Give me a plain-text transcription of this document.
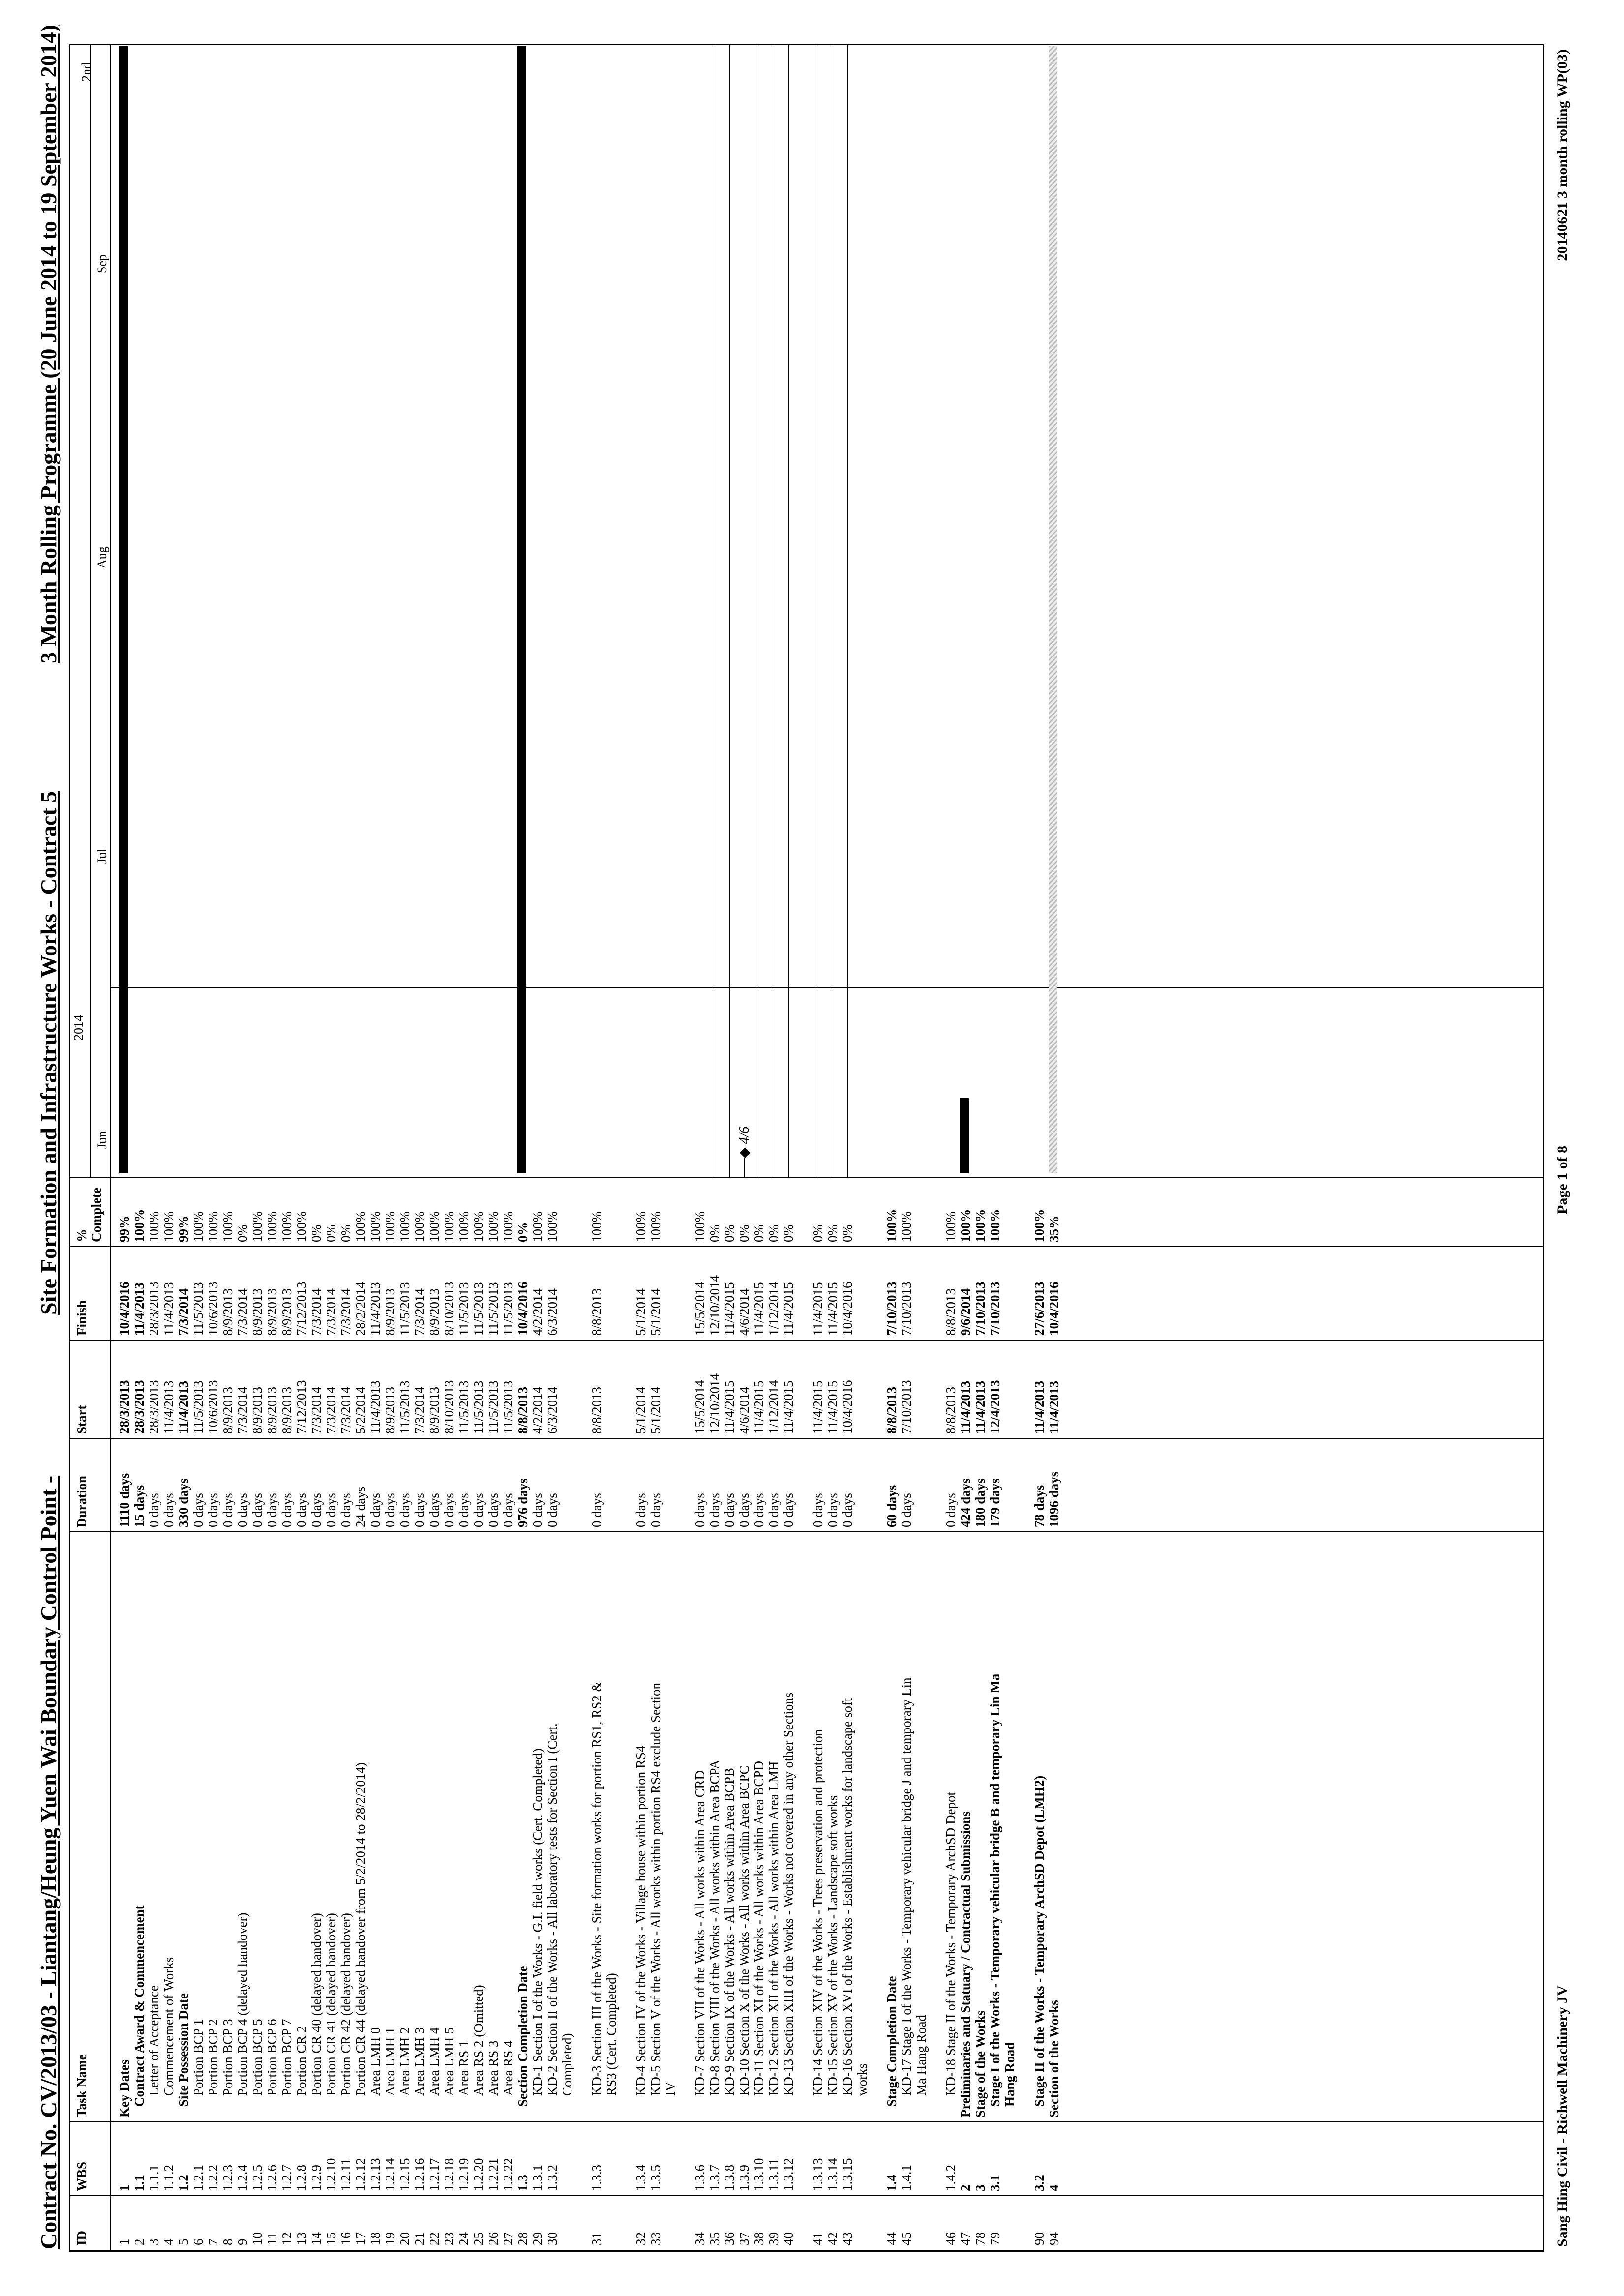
Contract No. CV/2013/03 - Liantang/Heung Yuen Wai Boundary Control Point -
Site Formation and Infrastructure Works - Contract 5
3 Month Rolling Programme (20 June 2014 to 19 September 2014)
ID
WBS
Task Name
Duration
Start
Finish
% Complete
2014
Jun
Jul
Aug
Sep
2nd
1
1
Key Dates
1110 days
28/3/2013
10/4/2016
99%
2
1.1
Contract Award & Commencement
15 days
28/3/2013
11/4/2013
100%
3
1.1.1
Letter of Acceptance
0 days
28/3/2013
28/3/2013
100%
4
1.1.2
Commencement of Works
0 days
11/4/2013
11/4/2013
100%
5
1.2
Site Possession Date
330 days
11/4/2013
7/3/2014
99%
6
1.2.1
Portion BCP 1
0 days
11/5/2013
11/5/2013
100%
7
1.2.2
Portion BCP 2
0 days
10/6/2013
10/6/2013
100%
8
1.2.3
Portion BCP 3
0 days
8/9/2013
8/9/2013
100%
9
1.2.4
Portion BCP 4 (delayed handover)
0 days
7/3/2014
7/3/2014
0%
10
1.2.5
Portion BCP 5
0 days
8/9/2013
8/9/2013
100%
11
1.2.6
Portion BCP 6
0 days
8/9/2013
8/9/2013
100%
12
1.2.7
Portion BCP 7
0 days
8/9/2013
8/9/2013
100%
13
1.2.8
Portion CR 2
0 days
7/12/2013
7/12/2013
100%
14
1.2.9
Portion CR 40 (delayed handover)
0 days
7/3/2014
7/3/2014
0%
15
1.2.10
Portion CR 41 (delayed handover)
0 days
7/3/2014
7/3/2014
0%
16
1.2.11
Portion CR 42 (delayed handover)
0 days
7/3/2014
7/3/2014
0%
17
1.2.12
Portion CR 44 (delayed handover from 5/2/2014 to 28/2/2014)
24 days
5/2/2014
28/2/2014
100%
18
1.2.13
Area LMH 0
0 days
11/4/2013
11/4/2013
100%
19
1.2.14
Area LMH 1
0 days
8/9/2013
8/9/2013
100%
20
1.2.15
Area LMH 2
0 days
11/5/2013
11/5/2013
100%
21
1.2.16
Area LMH 3
0 days
7/3/2014
7/3/2014
100%
22
1.2.17
Area LMH 4
0 days
8/9/2013
8/9/2013
100%
23
1.2.18
Area LMH 5
0 days
8/10/2013
8/10/2013
100%
24
1.2.19
Area RS 1
0 days
11/5/2013
11/5/2013
100%
25
1.2.20
Area RS 2 (Omitted)
0 days
11/5/2013
11/5/2013
100%
26
1.2.21
Area RS 3
0 days
11/5/2013
11/5/2013
100%
27
1.2.22
Area RS 4
0 days
11/5/2013
11/5/2013
100%
28
1.3
Section Completion Date
976 days
8/8/2013
10/4/2016
0%
29
1.3.1
KD-1 Section I of the Works - G.I. field works (Cert. Completed)
0 days
4/2/2014
4/2/2014
100%
30
1.3.2
KD-2 Section II of the Works - All laboratory tests for Section I (Cert. Completed)
0 days
6/3/2014
6/3/2014
100%
31
1.3.3
KD-3 Section III of the Works - Site formation works for portion RS1, RS2 & RS3 (Cert. Completed)
0 days
8/8/2013
8/8/2013
100%
32
1.3.4
KD-4 Section IV of the Works - Village house within portion RS4
0 days
5/1/2014
5/1/2014
100%
33
1.3.5
KD-5 Section V of the Works - All works within portion RS4 exclude Section IV
0 days
5/1/2014
5/1/2014
100%
34
1.3.6
KD-7 Section VII of the Works - All works within Area CRD
0 days
15/5/2014
15/5/2014
100%
35
1.3.7
KD-8 Section VIII of the Works - All works within Area BCPA
0 days
12/10/2014
12/10/2014
0%
36
1.3.8
KD-9 Section IX of the Works - All works within Area BCPB
0 days
11/4/2015
11/4/2015
0%
37
1.3.9
KD-10 Section X of the Works - All works within Area BCPC
0 days
4/6/2014
4/6/2014
0%
38
1.3.10
KD-11 Section XI of the Works - All works within Area BCPD
0 days
11/4/2015
11/4/2015
0%
39
1.3.11
KD-12 Section XII of the Works - All works within Area LMH
0 days
1/12/2014
1/12/2014
0%
40
1.3.12
KD-13 Section XIII of the Works - Works not covered in any other Sections
0 days
11/4/2015
11/4/2015
0%
41
1.3.13
KD-14 Section XIV of the Works - Trees preservation and protection
0 days
11/4/2015
11/4/2015
0%
42
1.3.14
KD-15 Section XV of the Works - Landscape soft works
0 days
11/4/2015
11/4/2015
0%
43
1.3.15
KD-16 Section XVI of the Works - Establishment works for landscape soft works
0 days
10/4/2016
10/4/2016
0%
44
1.4
Stage Completion Date
60 days
8/8/2013
7/10/2013
100%
45
1.4.1
KD-17 Stage I of the Works - Temporary vehicular bridge J and temporary Lin Ma Hang Road
0 days
7/10/2013
7/10/2013
100%
46
1.4.2
KD-18 Stage II of the Works - Temporary ArchSD Depot
0 days
8/8/2013
8/8/2013
100%
47
2
Preliminaries and Statuary / Contractual Submissions
424 days
11/4/2013
9/6/2014
100%
78
3
Stage of the Works
180 days
11/4/2013
7/10/2013
100%
79
3.1
Stage I of the Works - Temporary vehicular bridge B and temporary Lin Ma Hang Road
179 days
12/4/2013
7/10/2013
100%
90
3.2
Stage II of the Works - Temporary ArchSD Depot (LMH2)
78 days
11/4/2013
27/6/2013
100%
94
4
Section of the Works
1096 days
11/4/2013
10/4/2016
35%
◆ 4/6
Sang Hing Civil - Richwell Machinery JV
Page 1 of 8
20140621 3 month rolling WP(03)
